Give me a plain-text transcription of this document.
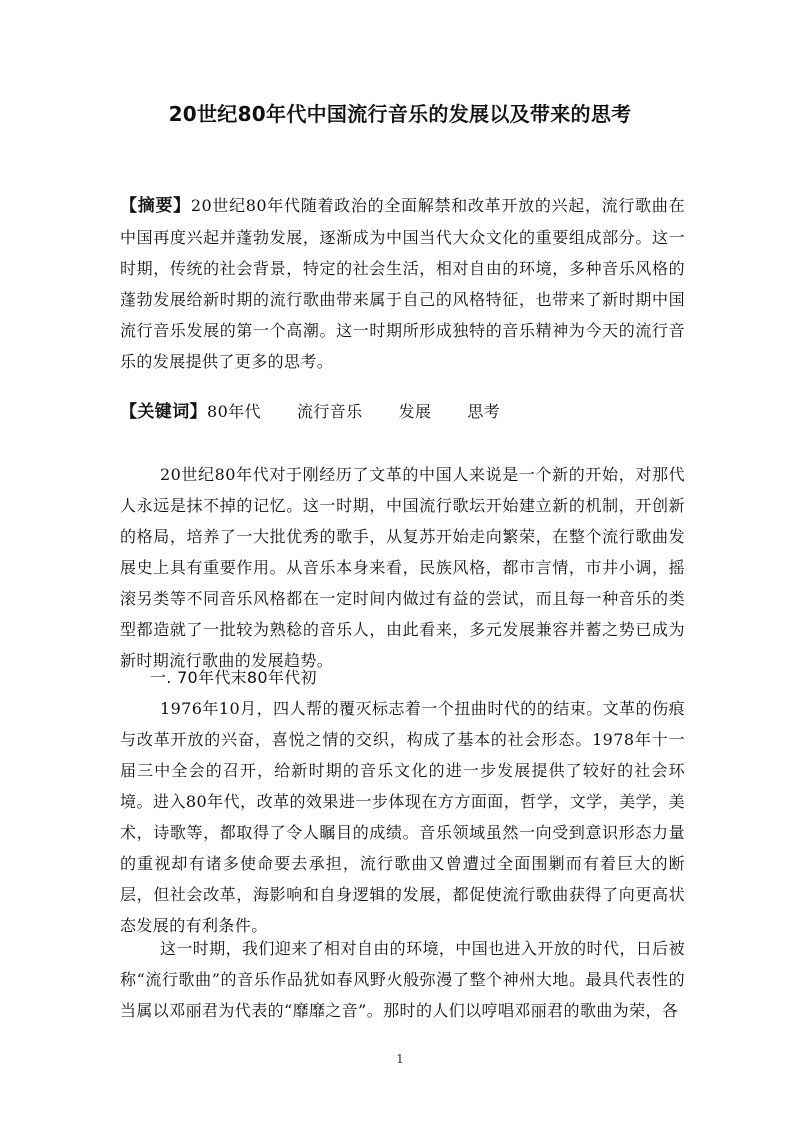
20世纪80年代中国流行音乐的发展以及带来的思考

【摘要】20世纪80年代随着政治的全面解禁和改革开放的兴起，流行歌曲在中国再度兴起并蓬勃发展，逐渐成为中国当代大众文化的重要组成部分。这一时期，传统的社会背景，特定的社会生活，相对自由的环境，多种音乐风格的蓬勃发展给新时期的流行歌曲带来属于自己的风格特征，也带来了新时期中国流行音乐发展的第一个高潮。这一时期所形成独特的音乐精神为今天的流行音乐的发展提供了更多的思考。

【关键词】80年代 流行音乐 发展 思考

20世纪80年代对于刚经历了文革的中国人来说是一个新的开始，对那代人永远是抹不掉的记忆。这一时期，中国流行歌坛开始建立新的机制，开创新的格局，培养了一大批优秀的歌手，从复苏开始走向繁荣，在整个流行歌曲发展史上具有重要作用。从音乐本身来看，民族风格，都市言情，市井小调，摇滚另类等不同音乐风格都在一定时间内做过有益的尝试，而且每一种音乐的类型都造就了一批较为熟稔的音乐人，由此看来，多元发展兼容并蓄之势已成为新时期流行歌曲的发展趋势。

一. 70年代末80年代初

1976年10月，四人帮的覆灭标志着一个扭曲时代的的结束。文革的伤痕与改革开放的兴奋，喜悦之情的交织，构成了基本的社会形态。1978年十一届三中全会的召开，给新时期的音乐文化的进一步发展提供了较好的社会环境。进入80年代，改革的效果进一步体现在方方面面，哲学，文学，美学，美术，诗歌等，都取得了令人瞩目的成绩。音乐领域虽然一向受到意识形态力量的重视却有诸多使命要去承担，流行歌曲又曾遭过全面围剿而有着巨大的断层，但社会改革，海影响和自身逻辑的发展，都促使流行歌曲获得了向更高状态发展的有利条件。

这一时期，我们迎来了相对自由的环境，中国也进入开放的时代，日后被称“流行歌曲”的音乐作品犹如春风野火般弥漫了整个神州大地。最具代表性的当属以邓丽君为代表的“靡靡之音”。那时的人们以哼唱邓丽君的歌曲为荣，各

1
